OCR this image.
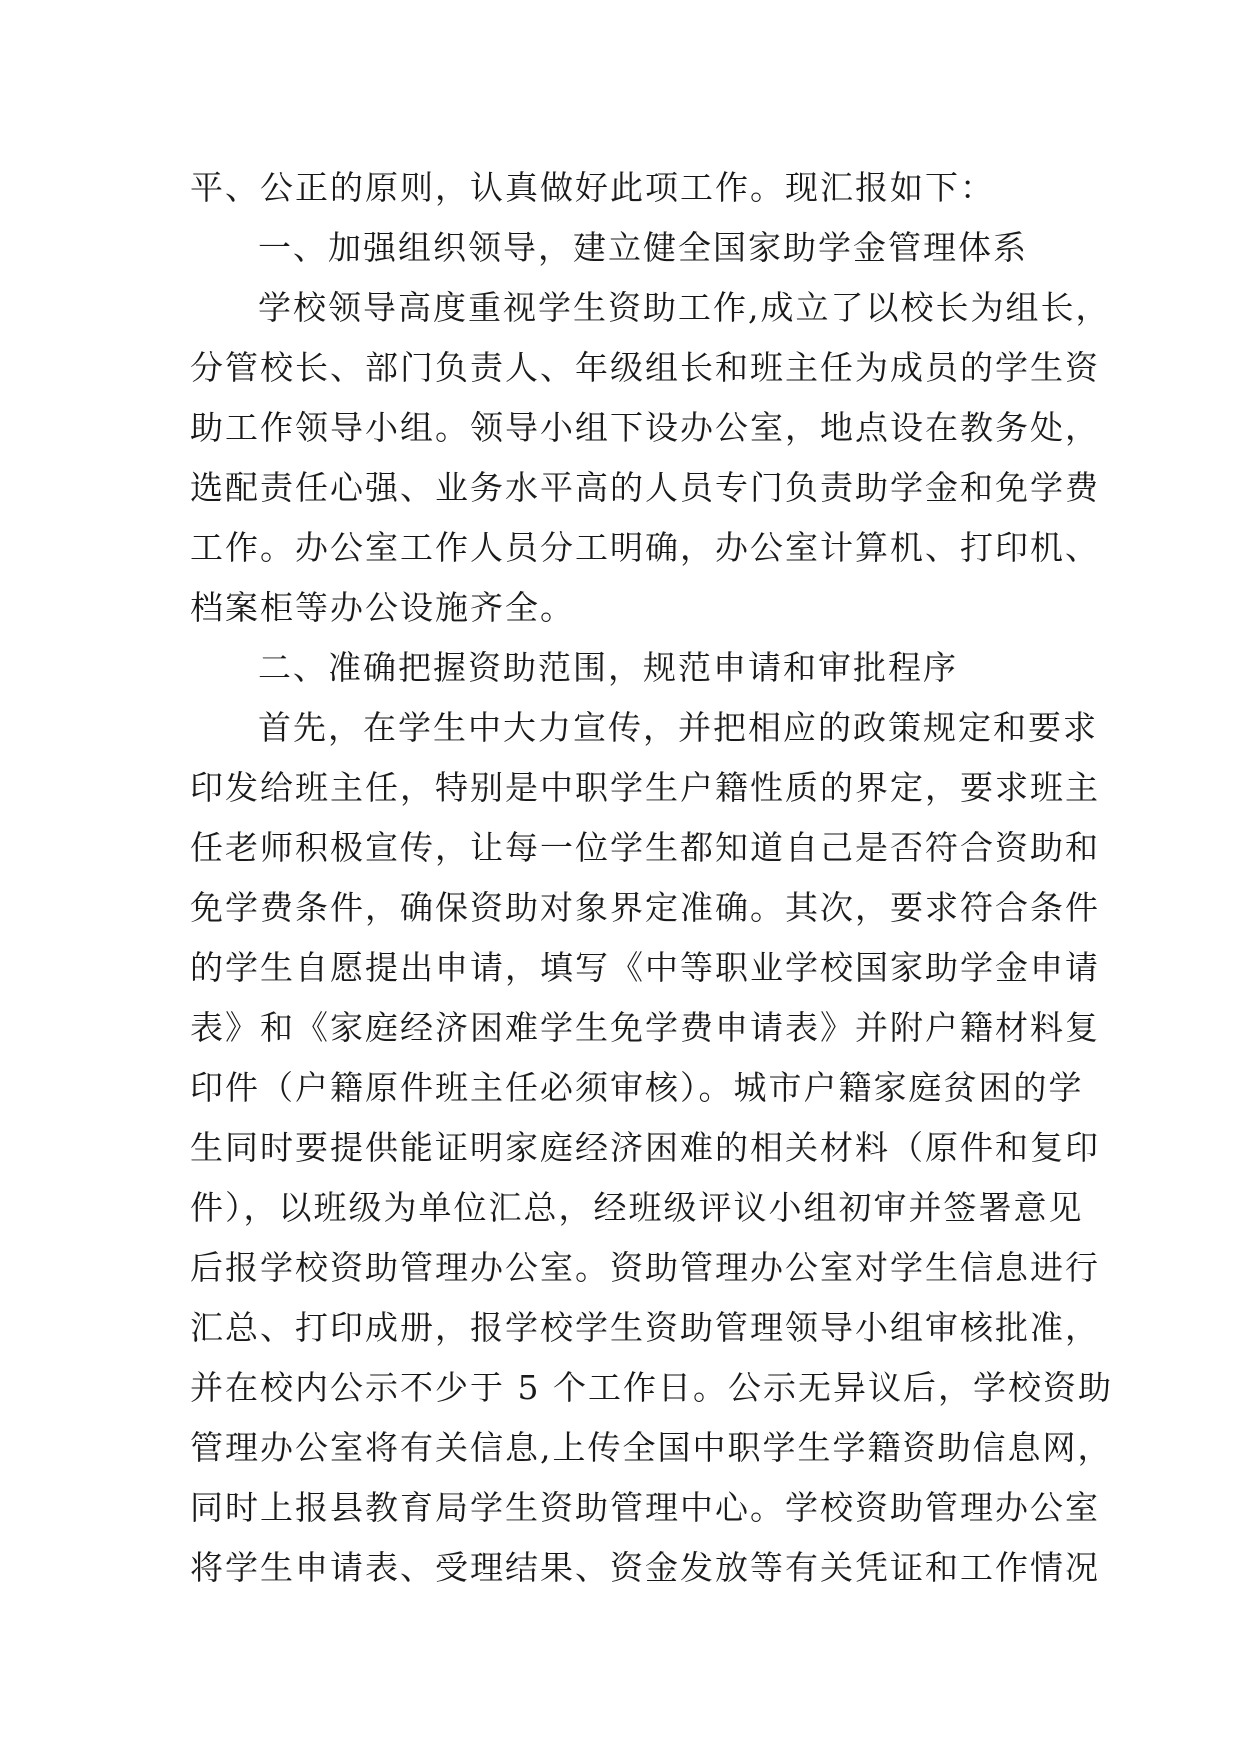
平、公正的原则，认真做好此项工作。现汇报如下：
一、加强组织领导，建立健全国家助学金管理体系
学校领导高度重视学生资助工作,成立了以校长为组长，
分管校长、部门负责人、年级组长和班主任为成员的学生资
助工作领导小组。领导小组下设办公室，地点设在教务处，
选配责任心强、业务水平高的人员专门负责助学金和免学费
工作。办公室工作人员分工明确，办公室计算机、打印机、
档案柜等办公设施齐全。
二、准确把握资助范围，规范申请和审批程序
首先，在学生中大力宣传，并把相应的政策规定和要求
印发给班主任，特别是中职学生户籍性质的界定，要求班主
任老师积极宣传，让每一位学生都知道自己是否符合资助和
免学费条件，确保资助对象界定准确。其次，要求符合条件
的学生自愿提出申请，填写《中等职业学校国家助学金申请
表》和《家庭经济困难学生免学费申请表》并附户籍材料复
印件（户籍原件班主任必须审核）。城市户籍家庭贫困的学
生同时要提供能证明家庭经济困难的相关材料（原件和复印
件），以班级为单位汇总，经班级评议小组初审并签署意见
后报学校资助管理办公室。资助管理办公室对学生信息进行
汇总、打印成册，报学校学生资助管理领导小组审核批准，
并在校内公示不少于 5 个工作日。公示无异议后，学校资助
管理办公室将有关信息,上传全国中职学生学籍资助信息网，
同时上报县教育局学生资助管理中心。学校资助管理办公室
将学生申请表、受理结果、资金发放等有关凭证和工作情况
